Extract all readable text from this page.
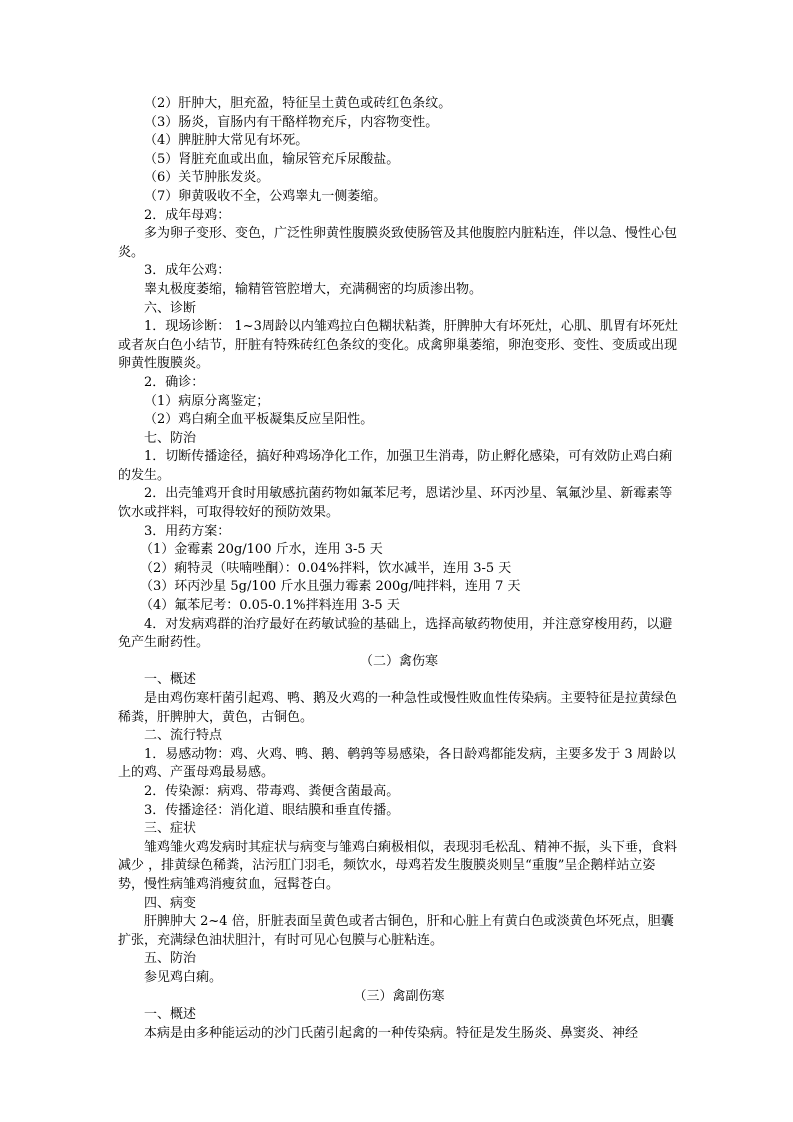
（2）肝肿大，胆充盈，特征呈土黄色或砖红色条纹。

（3）肠炎，盲肠内有干酪样物充斥，内容物变性。

（4）脾脏肿大常见有坏死。

（5）肾脏充血或出血，输尿管充斥尿酸盐。

（6）关节肿胀发炎。

（7）卵黄吸收不全，公鸡睾丸一侧萎缩。

2．成年母鸡：

多为卵子变形、变色，广泛性卵黄性腹膜炎致使肠管及其他腹腔内脏粘连，伴以急、慢性心包炎。

3．成年公鸡：

睾丸极度萎缩，输精管管腔增大，充满稠密的均质渗出物。

六、诊断

1．现场诊断： 1~3周龄以内雏鸡拉白色糊状粘粪，肝脾肿大有坏死灶，心肌、肌胃有坏死灶或者灰白色小结节，肝脏有特殊砖红色条纹的变化。成禽卵巢萎缩，卵泡变形、变性、变质或出现卵黄性腹膜炎。

2．确诊：

（1）病原分离鉴定；

（2）鸡白痢全血平板凝集反应呈阳性。

七、防治

1．切断传播途径，搞好种鸡场净化工作，加强卫生消毒，防止孵化感染，可有效防止鸡白痢的发生。

2．出壳雏鸡开食时用敏感抗菌药物如氟苯尼考，恩诺沙星、环丙沙星、氧氟沙星、新霉素等饮水或拌料，可取得较好的预防效果。

3．用药方案：

（1）金霉素 20g/100 斤水，连用 3-5 天

（2）痢特灵（呋喃唑酮）：0.04%拌料，饮水减半，连用 3-5 天

（3）环丙沙星 5g/100 斤水且强力霉素 200g/吨拌料，连用 7 天

（4）氟苯尼考：0.05-0.1%拌料连用 3-5 天

4．对发病鸡群的治疗最好在药敏试验的基础上，选择高敏药物使用，并注意穿梭用药，以避免产生耐药性。

（二）禽伤寒

一、概述

是由鸡伤寒杆菌引起鸡、鸭、鹅及火鸡的一种急性或慢性败血性传染病。主要特征是拉黄绿色稀粪，肝脾肿大，黄色，古铜色。

二、流行特点

1．易感动物：鸡、火鸡、鸭、鹅、鹌鹑等易感染，各日龄鸡都能发病，主要多发于 3 周龄以上的鸡、产蛋母鸡最易感。

2．传染源：病鸡、带毒鸡、粪便含菌最高。

3．传播途径：消化道、眼结膜和垂直传播。

三、症状

雏鸡雏火鸡发病时其症状与病变与雏鸡白痢极相似，表现羽毛松乱、精神不振，头下垂，食料减少 ，排黄绿色稀粪，沾污肛门羽毛，频饮水，母鸡若发生腹膜炎则呈“重腹”呈企鹅样站立姿势，慢性病雏鸡消瘦贫血，冠髯苍白。

四、病变

肝脾肿大 2~4 倍，肝脏表面呈黄色或者古铜色，肝和心脏上有黄白色或淡黄色坏死点，胆囊扩张，充满绿色油状胆汁，有时可见心包膜与心脏粘连。

五、防治

参见鸡白痢。

（三）禽副伤寒

一、概述

本病是由多种能运动的沙门氏菌引起禽的一种传染病。特征是发生肠炎、鼻窦炎、神经
